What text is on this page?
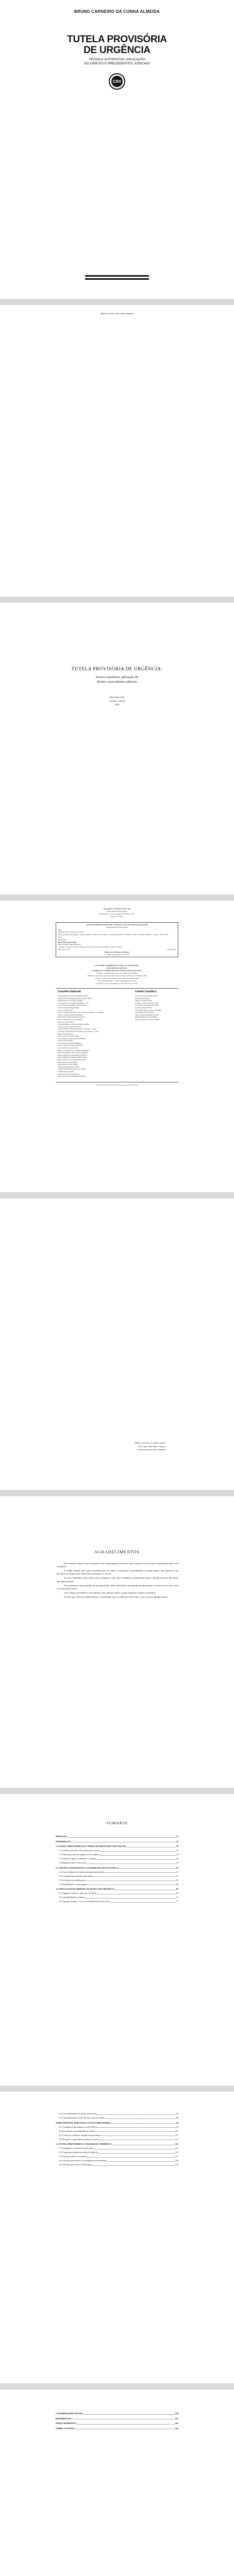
BRUNO CARNEIRO DA CUNHA ALMEIDA
TUTELA PROVISÓRIA
DE URGÊNCIA
TÉCNICA SATISFATIVA, APLICAÇÃO
DO DIREITO E PRECEDENTES JUDICIAIS
CRV
Bruno Carneiro da Cunha Almeida
TUTELA PROVISÓRIA DE URGÊNCIA:
técnica satisfativa, aplicação do
direito e precedentes judiciais
EDITORA CRV
Curitiba – Brasil
2018
Copyright © da Editora CRV Ltda.
Editor-chefe: Railson Moura
Diagramação e Capa: Designers da Editora CRV
Revisão: O Autor
DADOS INTERNACIONAIS DE CATALOGAÇÃO NA PUBLICAÇÃO (CIP)
CATALOGAÇÃO NA FONTE
A447
Almeida, Bruno Carneiro da Cunha.
Tutela provisória de urgência: técnica satisfativa, aplicação do direito e precedentes judiciais / Bruno Carneiro da Cunha Almeida – Curitiba : CRV, 2018.
164 p.
Bibliografia
ISBN 978-85-444-2196-4
DOI 10.24824/978854442196.4
1. Direito 2. Processo civil 3. Tutela provisória 4. Precedentes judiciais I. Título II. Série.
CDU 347.91/.95	CDD 347.05
Índice para catálogo sistemático
1. Direito processual civil 347.05
ESTA OBRA TAMBÉM ENCONTRA-SE DISPONÍVEL
EM FORMATO DIGITAL.
CONHEÇA E COMPRE ESTE E OUTROS TÍTULOS DA CRV
Foi feito o depósito legal conf. Lei 10.994 de 14/12/2004
Proibida a reprodução parcial ou total desta obra sem autorização da Editora CRV
Todos os direitos desta edição reservados pela: Editora CRV
Tel.: (41) 3039-6418 - E-mail: sac@editoracrv.com.br
Conheça os nossos lançamentos: www.editoracrv.com.br
Conselho Editorial:	Comitê Científico:
Aldira Guimarães Duarte Domínguez (UNB)
Andréia da Silva Quintanilha Sousa (UNIR/UFRN)
Antônio Pereira Gaio Júnior (UFRRJ)
Carlos Alberto Vilar Estêvão (UMINHO – PT)
Carlos Federico Dominguez Avila (Unieuro)
Carmen Tereza Velanga (UNIR)
Celso Conti (UFSCar)
Cesar Gerónimo Tello (Univer. Nacional Três de Febrero – Argentina)
Eduardo Fernandes Barbosa (UFMG)
Elione Maria Nogueira Diogenes (UFAL)
Elizeu Clementino de Souza (UNEB)
Élsio José Corá (UFFS)
Fernando Antônio Gonçalves Alcoforado (IPB)
Francisco Carlos Duarte (PUC-PR)
Gloria Fariñas León (Universidade de La Havana – Cuba)
Guillermo Arias Beatón (Universidade de La Havana – Cuba)
Helmuth Krüger (UCP)
Jailson Alves dos Santos (UFRJ)
João Adalberto Campato Junior (UNESP)
Josania Portela (UFPI)
Leonel Severo Rocha (UNISINOS)
Lídia de Oliveira Xavier (UNIEURO)
Lourdes Helena da Silva (UFV)
Maria de Lourdes Pinto de Almeida (UNOESC)
Maria Lília Imbiriba Sousa Colares (UFOPA)
Maria Cristina dos Santos Bezerra (UFSCar)
Paulo Romualdo Hernandes (UNIFAL-MG)
Renato Francisco dos Santos Paula (UFG)
Rodrigo Pratte-Santos (UFES)
Sérgio Nunes de Jesus (IFRO)
Simone Rodrigues Pinto (UNB)
Solange Helena Ximenes-Rocha (UFOPA)
Sydione Santos (UEPG)
Tadeu Oliver Gonçalves (UFPA)
Tania Suely Azevedo Brasileiro (UFOPA)
Alexandre Walmott Borges (UFU)
Bruno Zanotti (PCES)
Edilson Vitorelli (UFMG)
Francisco Carlos Duarte (PUC-PR)
Joao Batista Gomes Moreira (UnB)
José Ribas Vieira (UFRJ)
José Eduardo Pinto Lopes (UNISINOS)
Luis Augusto Alves (UFPR)
Maria da Glória Bonelli (UFSCAR)
Reinaldo Ribeiro Lucas (UFAM)
Samuel de Oliveira Ferreira (UFRR)
Este livro foi avaliado e aprovado por pareceristas ad hoc.
Dedico este livro à minha esposa,
Alice, por todo amor e apoio;
e aos meus pais, pelo exemplo.
AGRADECIMENTOS

Este trabalho jamais teria se realizado sem a participação de pessoas que, cada uma a seu modo, contribuíram para a sua conclusão.

À minha família, pelo apoio incondicional em todos os momentos, especialmente à minha esposa, que suportou com paciência as longas horas dedicadas à pesquisa e à escrita.

Ao meu orientador, pelas lições, pela confiança e pelo rigor acadêmico, fundamentais para o amadurecimento das ideias aqui apresentadas.

Aos professores do programa de pós-graduação, pelas discussões que permitiram aprofundar o estudo do processo civil e da tutela provisória.

Aos colegas de trabalho e de academia, pelo diálogo franco e pelas sugestões sempre pertinentes.

A todos que, direta ou indiretamente, contribuíram para a realização desta obra, o meu sincero agradecimento.

SUMÁRIO
PREFÁCIO	11
INTRODUÇÃO	13
1 A TUTELA PROVISÓRIA NO CÓDIGO DE PROCESSO CIVIL DE 2015	19
1.1 A tutela provisória como técnica processual	19
1.2 Tutela provisória de urgência e de evidência	24
1.3 Tutela de urgência satisfativa e cautelar	29
1.4 Requisitos para a concessão	33
2 A TÉCNICA SATISFATIVA E A ESTABILIZAÇÃO DA TUTELA	41
2.1 O procedimento da tutela antecipada antecedente	41
2.2 A estabilização da tutela antecipada	47
2.3 Os limites da estabilização	53
2.4 Estabilização e coisa julgada	58
3 A APLICAÇÃO DO DIREITO NA TUTELA DE URGÊNCIA	65
3.1 Cognição sumária e aplicação do direito	65
3.2 A probabilidade do direito	71
3.3 O perigo de dano e o risco ao resultado útil do processo	77
3.4 A reversibilidade dos efeitos da decisão	83
3.5 A fundamentação da decisão que concede a tutela	88
4 PRECEDENTES JUDICIAIS E TUTELA PROVISÓRIA	95
4.1 O sistema de precedentes no CPC/2015	95
4.2 Precedentes e probabilidade do direito	101
4.3 A tutela de evidência fundada em precedentes	107
4.4 Distinção e superação na tutela provisória	113
5 A TUTELA PROVISÓRIA E O DEVER DE COERÊNCIA	121
5.1 Integridade e coerência das decisões	121
5.2 A segurança jurídica na tutela de urgência	127
5.3 Tutela provisória e isonomia	133
5.4 A decisão provisória e a vinculação aos precedentes	138
5.5 Considerações sobre a efetividade	143
CONSIDERAÇÕES FINAIS	149
REFERÊNCIAS	155
ÍNDICE REMISSIVO	161
SOBRE O AUTOR	163
